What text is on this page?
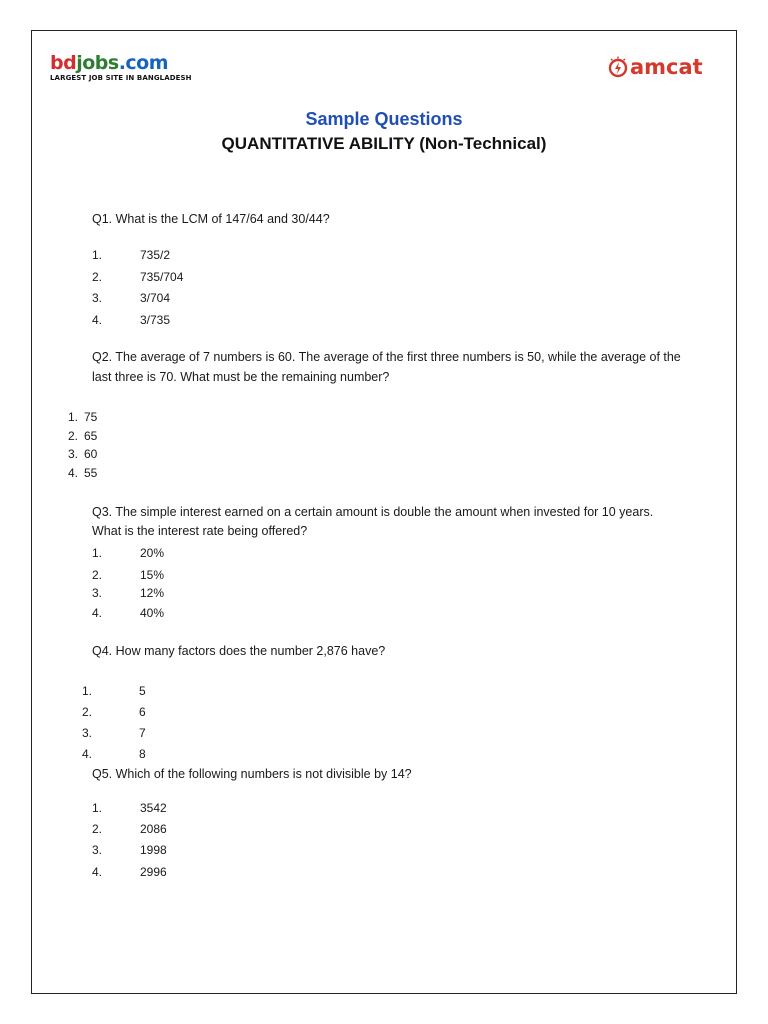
bdjobs.com
LARGEST JOB SITE IN BANGLADESH	amcat
Sample Questions
QUANTITATIVE ABILITY (Non-Technical)
Q1. What is the LCM of 147/64 and 30/44?
1.	735/2
2.	735/704
3.	3/704
4.	3/735
Q2. The average of 7 numbers is 60. The average of the first three numbers is 50, while the average of the
last three is 70. What must be the remaining number?
1. 75
2. 65
3. 60
4. 55
Q3. The simple interest earned on a certain amount is double the amount when invested for 10 years.
What is the interest rate being offered?
1.	20%
2.	15%
3.	12%
4.	40%
Q4. How many factors does the number 2,876 have?
1.	5
2.	6
3.	7
4.	8
Q5. Which of the following numbers is not divisible by 14?
1.	3542
2.	2086
3.	1998
4.	2996
